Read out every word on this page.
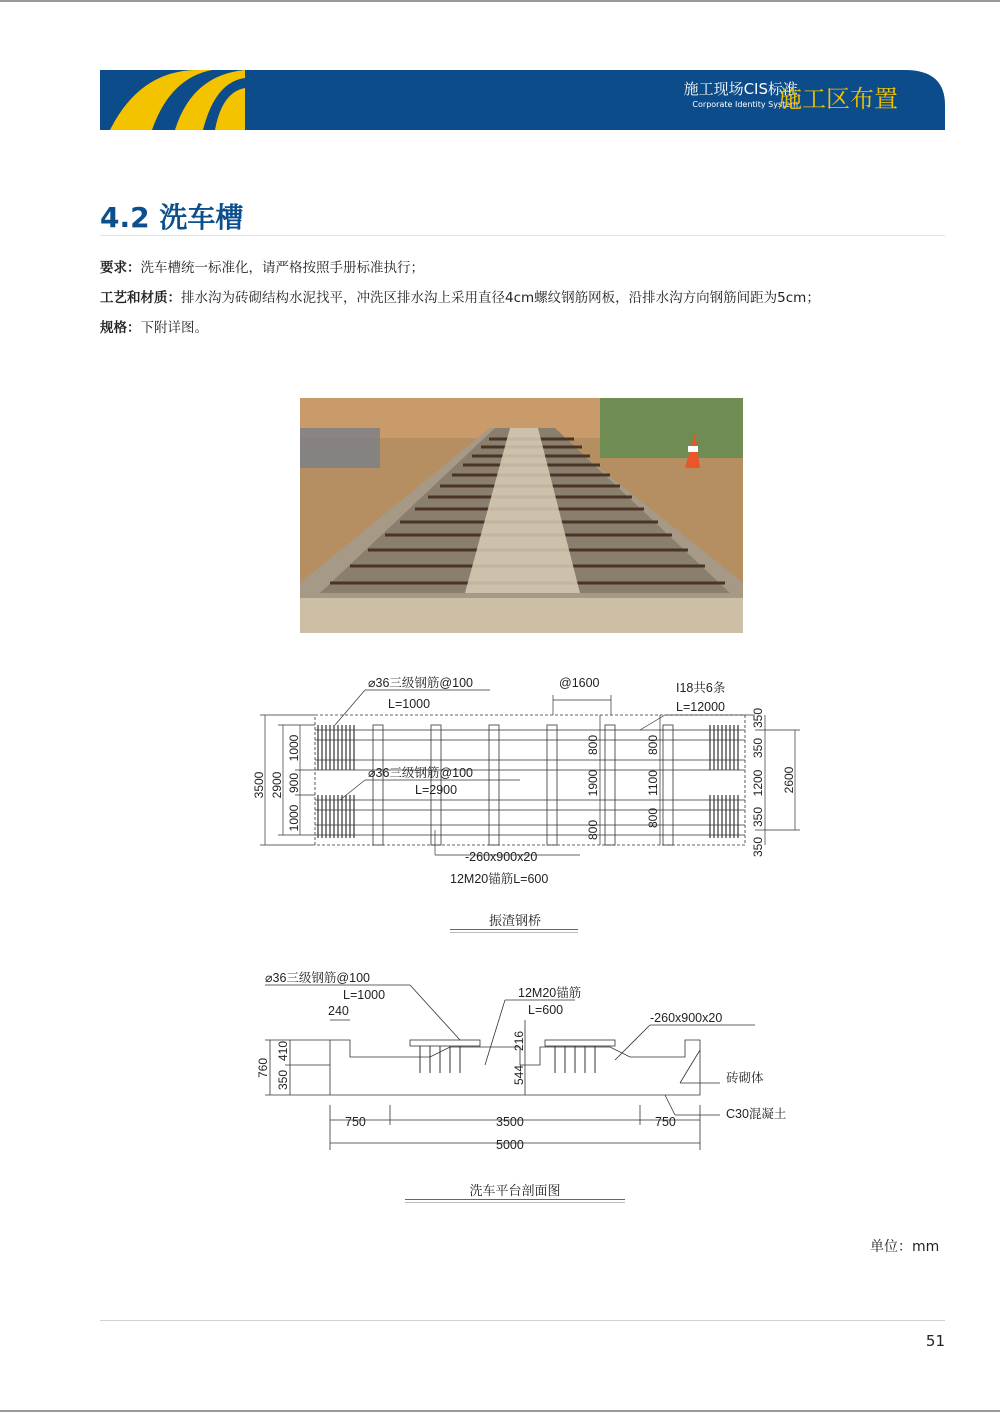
施工现场CIS标准
Corporate Identity System
施工区布置
4.2 洗车槽
要求：洗车槽统一标准化，请严格按照手册标准执行；
工艺和材质：排水沟为砖砌结构水泥找平，冲洗区排水沟上采用直径4cm螺纹钢筋网板，沿排水沟方向钢筋间距为5cm；
规格：下附详图。
⌀36三级钢筋@100
L=1000
⌀36三级钢筋@100
L=2900
@1600	I18共6条
L=12000
-260x900x20
12M20锚筋L=600
3500 2900
1000
900
1000
800
1900
800
800
1100
800
350
350
1200
350
350
2600
振渣钢桥
⌀36三级钢筋@100
L=1000
240
12M20锚筋
L=600
-260x900x20
砖砌体
C30混凝土
750	3500	750
5000
760
410
350
216
544
洗车平台剖面图
单位：mm
51
